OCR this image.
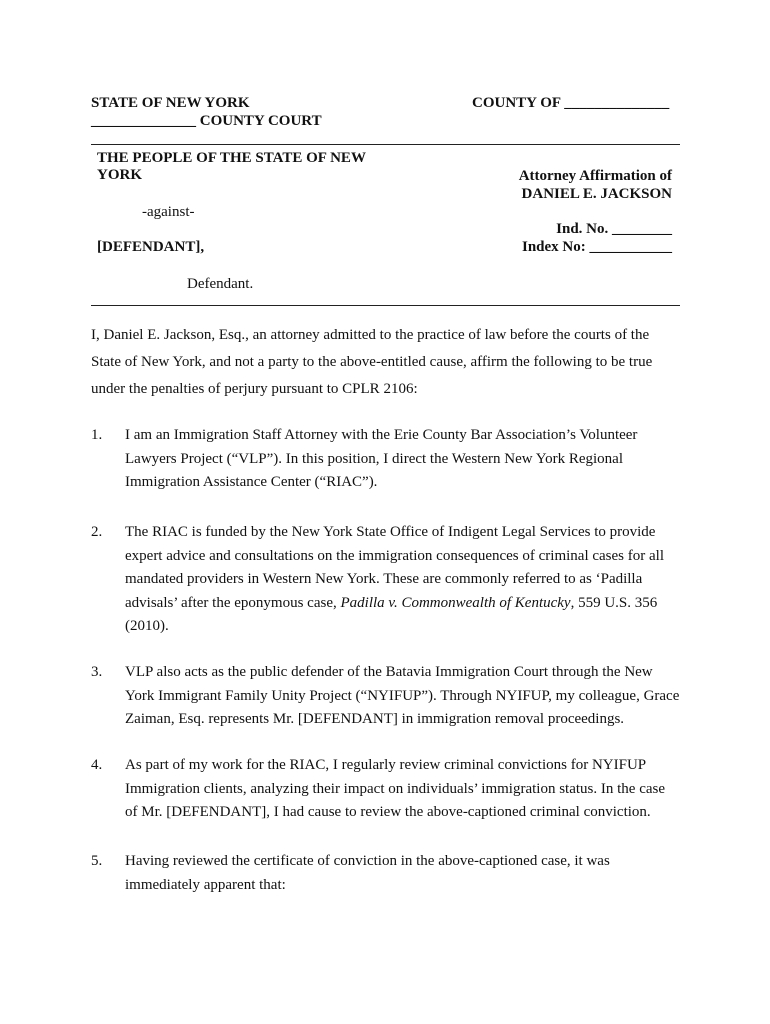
STATE OF NEW YORK	COUNTY OF ______________
______________ COUNTY COURT
THE PEOPLE OF THE STATE OF NEW
YORK
-against-
[DEFENDANT],
Defendant.
Attorney Affirmation of
DANIEL E. JACKSON
Ind. No. ________
Index No: ___________
I, Daniel E. Jackson, Esq., an attorney admitted to the practice of law before the courts of the State of New York, and not a party to the above-entitled cause, affirm the following to be true under the penalties of perjury pursuant to CPLR 2106:
1. I am an Immigration Staff Attorney with the Erie County Bar Association’s Volunteer Lawyers Project (“VLP”). In this position, I direct the Western New York Regional Immigration Assistance Center (“RIAC”).
2. The RIAC is funded by the New York State Office of Indigent Legal Services to provide expert advice and consultations on the immigration consequences of criminal cases for all mandated providers in Western New York. These are commonly referred to as ‘Padilla advisals’ after the eponymous case, Padilla v. Commonwealth of Kentucky, 559 U.S. 356 (2010).
3. VLP also acts as the public defender of the Batavia Immigration Court through the New York Immigrant Family Unity Project (“NYIFUP”). Through NYIFUP, my colleague, Grace Zaiman, Esq. represents Mr. [DEFENDANT] in immigration removal proceedings.
4. As part of my work for the RIAC, I regularly review criminal convictions for NYIFUP Immigration clients, analyzing their impact on individuals’ immigration status. In the case of Mr. [DEFENDANT], I had cause to review the above-captioned criminal conviction.
5. Having reviewed the certificate of conviction in the above-captioned case, it was immediately apparent that:
